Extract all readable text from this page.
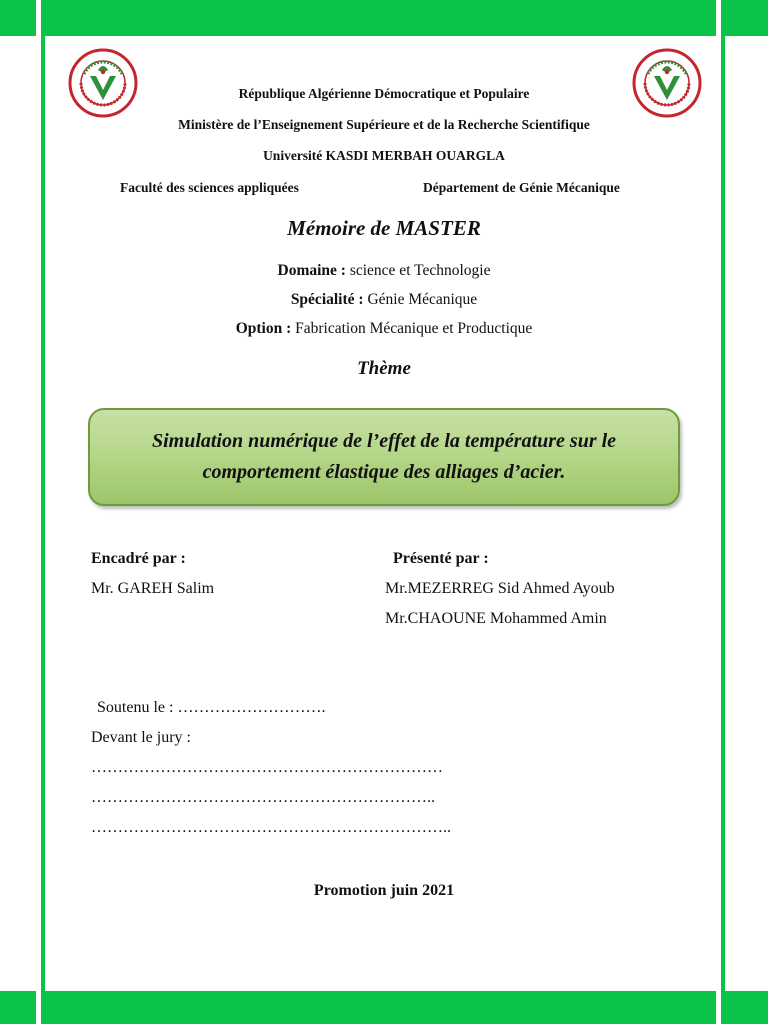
République Algérienne Démocratique et Populaire
Ministère de l’Enseignement Supérieure et de la Recherche Scientifique
Université KASDI MERBAH OUARGLA
Faculté des sciences appliquées	Département de Génie Mécanique
Mémoire de MASTER
Domaine : science et Technologie
Spécialité : Génie Mécanique
Option : Fabrication Mécanique et Productique
Thème
Simulation numérique de l’effet de la température sur le
comportement élastique des alliages d’acier.
Encadré par :
Mr. GAREH Salim
Présenté par :
Mr.MEZERREG Sid Ahmed Ayoub
Mr.CHAOUNE Mohammed Amin
Soutenu le : ……………………….
Devant le jury :
…………………………………………………………
………………………………………………………..
…………………………………………………………..
Promotion juin 2021
